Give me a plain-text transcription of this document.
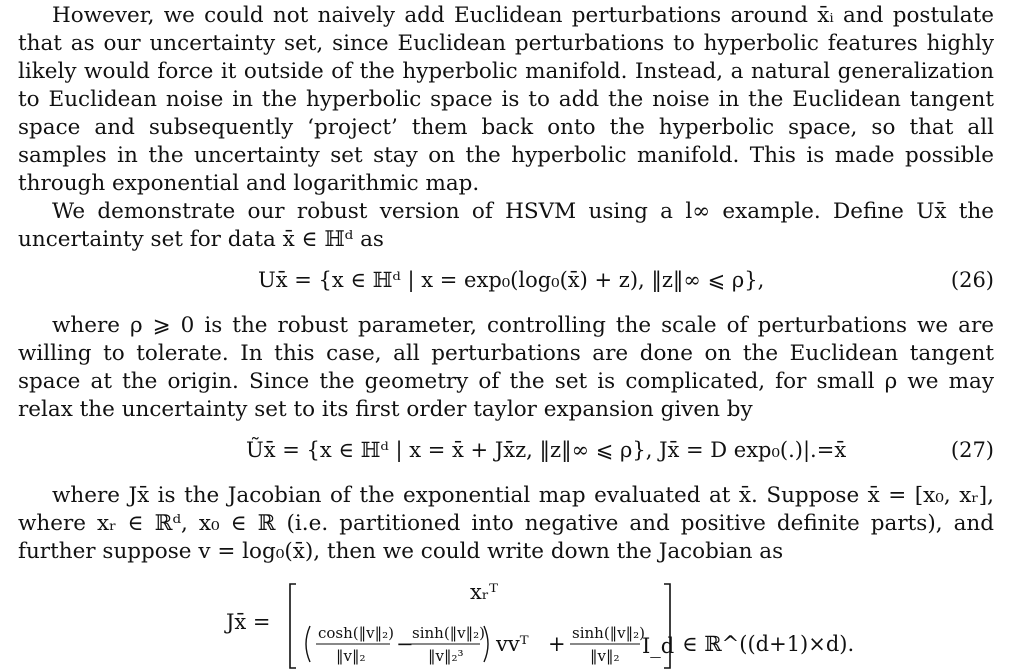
However, we could not naively add Euclidean perturbations around x̄ᵢ and postulate that as our uncertainty set, since Euclidean perturbations to hyperbolic features highly likely would force it outside of the hyperbolic manifold. Instead, a natural generalization to Euclidean noise in the hyperbolic space is to add the noise in the Euclidean tangent space and subsequently ‘project’ them back onto the hyperbolic space, so that all samples in the uncertainty set stay on the hyperbolic manifold. This is made possible through exponential and logarithmic map.

We demonstrate our robust version of HSVM using a l∞ example. Define Ux̄ the uncertainty set for data x̄ ∈ ℍᵈ as

Ux̄ = {x ∈ ℍᵈ | x = exp₀(log₀(x̄) + z), ‖z‖∞ ⩽ ρ},	(26)

where ρ ⩾ 0 is the robust parameter, controlling the scale of perturbations we are willing to tolerate. In this case, all perturbations are done on the Euclidean tangent space at the origin. Since the geometry of the set is complicated, for small ρ we may relax the uncertainty set to its first order taylor expansion given by

Ũx̄ = {x ∈ ℍᵈ | x = x̄ + Jx̄z, ‖z‖∞ ⩽ ρ}, Jx̄ = D exp₀(.)|.=x̄	(27)

where Jx̄ is the Jacobian of the exponential map evaluated at x̄. Suppose x̄ = [x₀, xᵣ], where xᵣ ∈ ℝᵈ, x₀ ∈ ℝ (i.e. partitioned into negative and positive definite parts), and further suppose v = log₀(x̄), then we could write down the Jacobian as

Jx̄ =
xᵣᵀ
cosh(‖v‖₂)
‖v‖₂ −
sinh(‖v‖₂)
‖v‖₂³ vvᵀ + sinh(‖v‖₂)
‖v‖₂ I_d ∈ ℝ^((d+1)×d).
